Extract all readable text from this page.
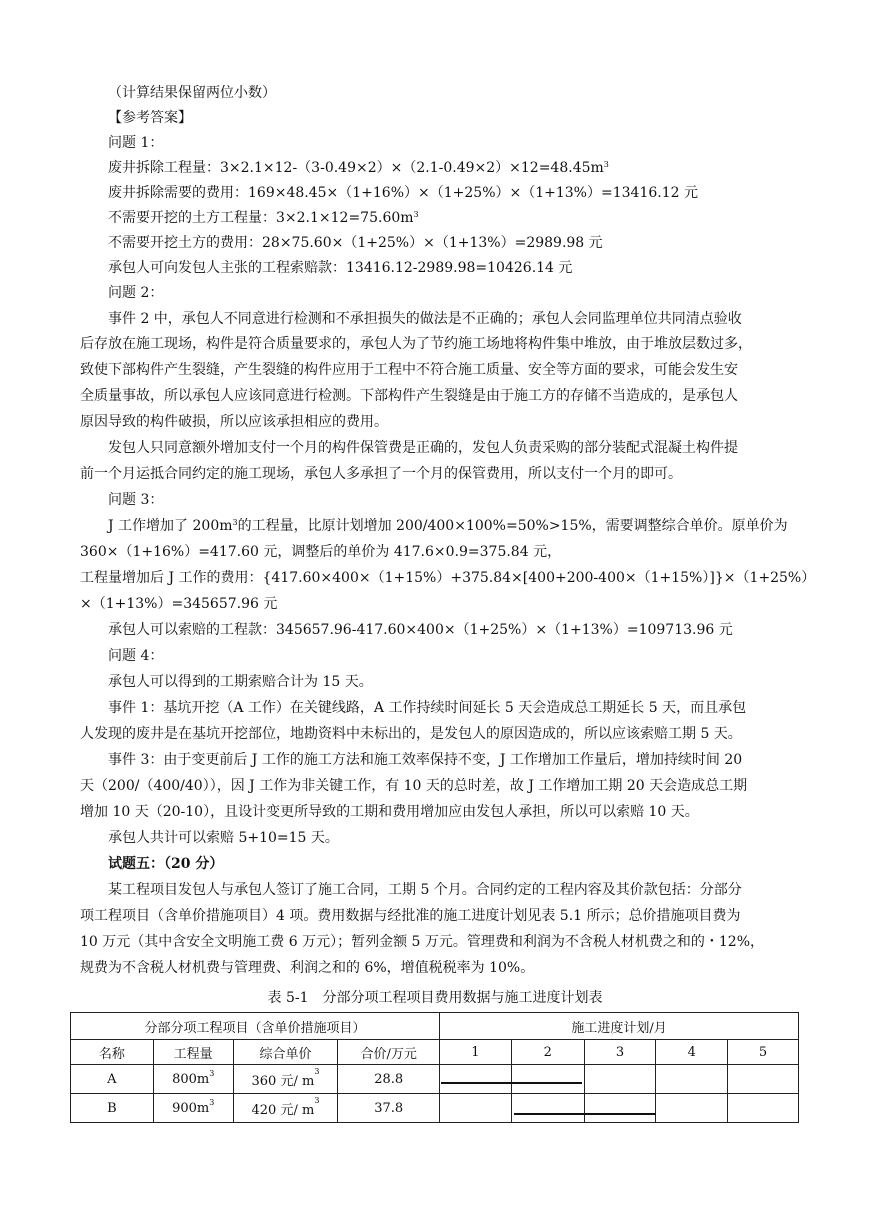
（计算结果保留两位小数）
【参考答案】
问题 1：
废井拆除工程量：$3\times 2.1\times 12-(3-0.49\times 2)\times(2.1-0.49\times 2)\times 12=48.45m^3$
废井拆除需要的费用：169×48.45×（1+16%）×（1+25%）×（1+13%）=13416.12 元
不需要开挖的土方工程量：$3\times 2.1\times 12=75.60m^3$
不需要开挖土方的费用：28×75.60×（1+25%）×（1+13%）=2989.98 元
承包人可向发包人主张的工程索赔款：13416.12-2989.98=10426.14 元
问题 2：
事件 2 中，承包人不同意进行检测和不承担损失的做法是不正确的；承包人会同监理单位共同清点验收
后存放在施工现场，构件是符合质量要求的，承包人为了节约施工场地将构件集中堆放，由于堆放层数过多，
致使下部构件产生裂缝，产生裂缝的构件应用于工程中不符合施工质量、安全等方面的要求，可能会发生安
全质量事故，所以承包人应该同意进行检测。下部构件产生裂缝是由于施工方的存储不当造成的，是承包人
原因导致的构件破损，所以应该承担相应的费用。
发包人只同意额外增加支付一个月的构件保管费是正确的，发包人负责采购的部分装配式混凝土构件提
前一个月运抵合同约定的施工现场，承包人多承担了一个月的保管费用，所以支付一个月的即可。
问题 3：
J 工作增加了 $200m^3$的工程量，比原计划增加 200/400×100%=50%>15%，需要调整综合单价。原单价为
360×（1+16%）=417.60 元，调整后的单价为 417.6×0.9=375.84 元，
工程量增加后 J 工作的费用：{417.60×400×（1+15%）+375.84×[400+200-400×（1+15%）]}×（1+25%）
×（1+13%）=345657.96 元
承包人可以索赔的工程款：345657.96-417.60×400×（1+25%）×（1+13%）=109713.96 元
问题 4：
承包人可以得到的工期索赔合计为 15 天。
事件 1：基坑开挖（A 工作）在关键线路，A 工作持续时间延长 5 天会造成总工期延长 5 天，而且承包
人发现的废井是在基坑开挖部位，地勘资料中未标出的，是发包人的原因造成的，所以应该索赔工期 5 天。
事件 3：由于变更前后 J 工作的施工方法和施工效率保持不变，J 工作增加工作量后，增加持续时间 20
天（200/（400/40）），因 J 工作为非关键工作，有 10 天的总时差，故 J 工作增加工期 20 天会造成总工期
增加 10 天（20-10），且设计变更所导致的工期和费用增加应由发包人承担，所以可以索赔 10 天。
承包人共计可以索赔 5+10=15 天。
试题五：（20 分）
某工程项目发包人与承包人签订了施工合同，工期 5 个月。合同约定的工程内容及其价款包括：分部分
项工程项目（含单价措施项目）4 项。费用数据与经批准的施工进度计划见表 5.1 所示；总价措施项目费为
10 万元（其中含安全文明施工费 6 万元）；暂列金额 5 万元。管理费和利润为不含税人材机费之和的・12%，
规费为不含税人材机费与管理费、利润之和的 6%，增值税税率为 10%。
表 5-1　分部分项工程项目费用数据与施工进度计划表
分部分项工程项目（含单价措施项目）				施工进度计划/月				
名称	工程量	综合单价	合价/万元	1	2	3	4	5
A	$800m^3$	360 元/ $m^3$	28.8					
B	$900m^3$	420 元/ $m^3$	37.8					
